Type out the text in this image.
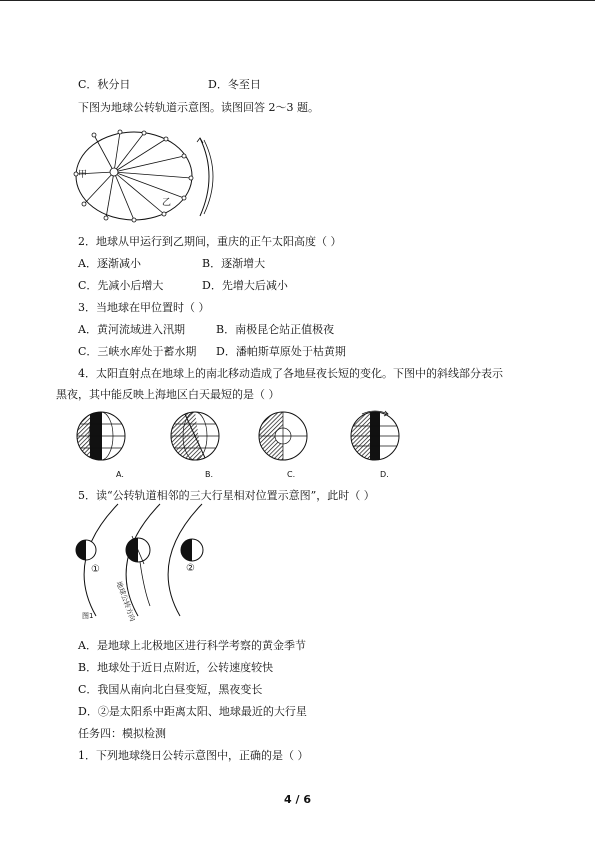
C．秋分日	D．冬至日
下图为地球公转轨道示意图。读图回答 2～3 题。
甲
乙
2．地球从甲运行到乙期间，重庆的正午太阳高度（ ）
A．逐渐减小	B．逐渐增大
C．先减小后增大	D．先增大后减小
3．当地球在甲位置时（ ）
A．黄河流域进入汛期	B．南极昆仑站正值极夜
C．三峡水库处于蓄水期 D．潘帕斯草原处于枯黄期
4．太阳直射点在地球上的南北移动造成了各地昼夜长短的变化。下图中的斜线部分表示
黑夜，其中能反映上海地区白天最短的是（ ）
A.	B.	C.	D.
5．读“公转轨道相邻的三大行星相对位置示意图”，此时（ ）
①	②
图1	地球公转方向
A．是地球上北极地区进行科学考察的黄金季节
B．地球处于近日点附近，公转速度较快
C．我国从南向北白昼变短，黑夜变长
D．②是太阳系中距离太阳、地球最近的大行星
任务四：模拟检测
1．下列地球绕日公转示意图中，正确的是（ ）
4 / 6
